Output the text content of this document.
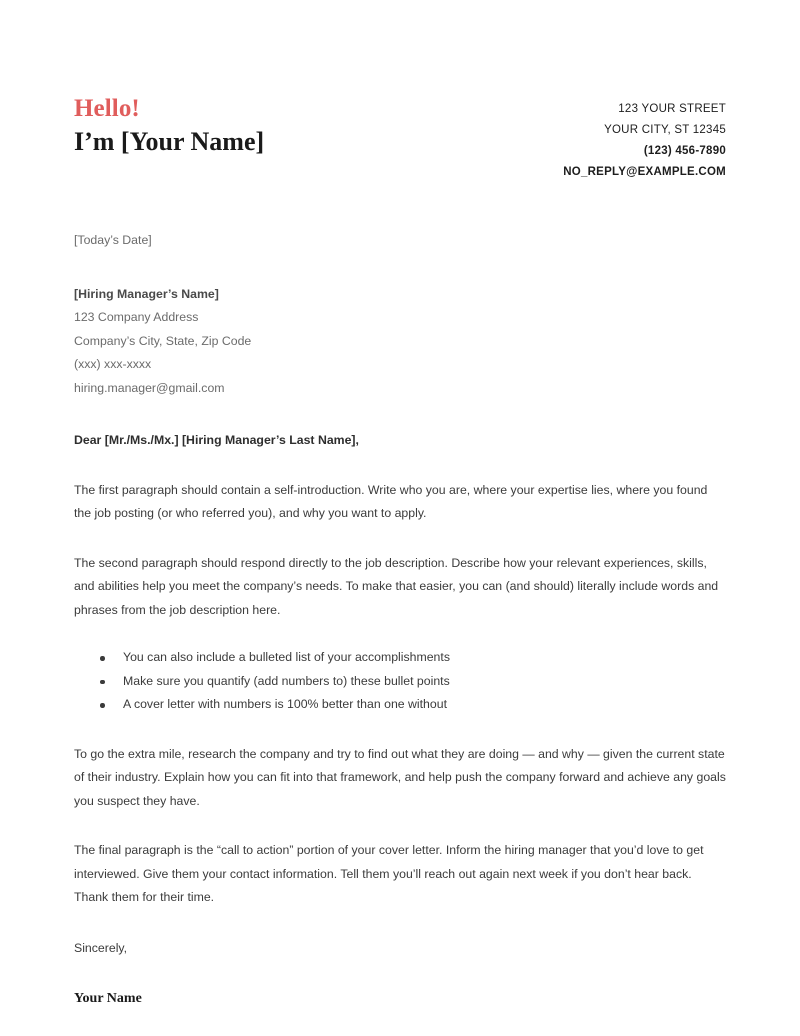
Hello!
I’m [Your Name]
123 YOUR STREET
YOUR CITY, ST 12345
(123) 456-7890
NO_REPLY@EXAMPLE.COM

[Today’s Date]

[Hiring Manager’s Name]
123 Company Address
Company’s City, State, Zip Code
(xxx) xxx-xxxx
hiring.manager@gmail.com

Dear [Mr./Ms./Mx.] [Hiring Manager’s Last Name],

The first paragraph should contain a self-introduction. Write who you are, where your expertise lies, where you found the job posting (or who referred you), and why you want to apply.

The second paragraph should respond directly to the job description. Describe how your relevant experiences, skills, and abilities help you meet the company’s needs. To make that easier, you can (and should) literally include words and phrases from the job description here.

You can also include a bulleted list of your accomplishments
Make sure you quantify (add numbers to) these bullet points
A cover letter with numbers is 100% better than one without

To go the extra mile, research the company and try to find out what they are doing — and why — given the current state of their industry. Explain how you can fit into that framework, and help push the company forward and achieve any goals you suspect they have.

The final paragraph is the “call to action” portion of your cover letter. Inform the hiring manager that you’d love to get interviewed. Give them your contact information. Tell them you’ll reach out again next week if you don’t hear back. Thank them for their time.

Sincerely,

Your Name
